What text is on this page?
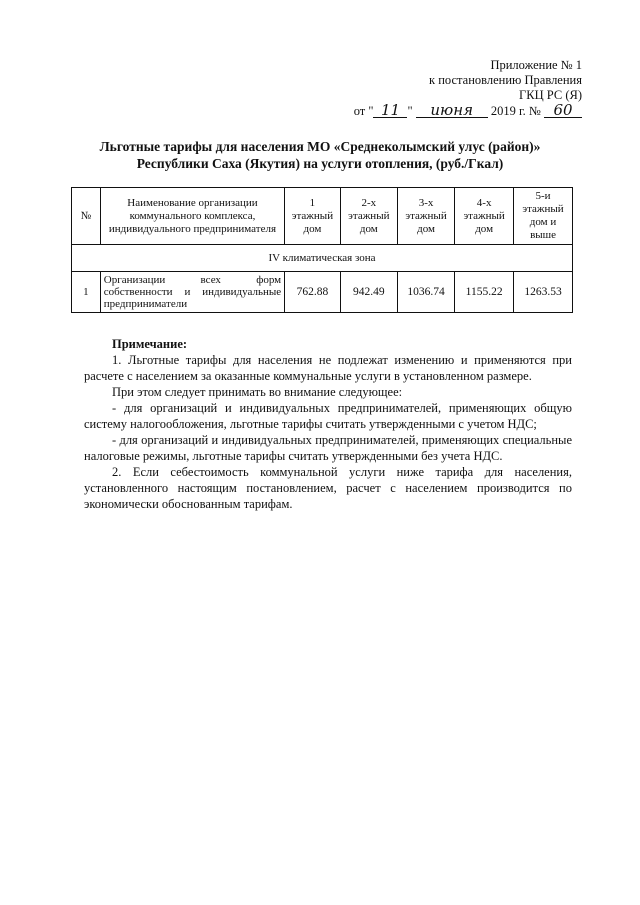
Приложение № 1
к постановлению Правления
ГКЦ РС (Я)
от " 11 " июня 2019 г. № 60
Льготные тарифы для населения МО «Среднеколымский улус (район)»
Республики Саха (Якутия) на услуги отопления, (руб./Гкал)
№	Наименование организации коммунального комплекса, индивидуального предпринимателя	1 этажный дом	2-х этажный дом	3-х этажный дом	4-х этажный дом	5-и этажный дом и выше
IV климатическая зона						
1	Организации всех форм собственности и индивидуальные предприниматели	762.88	942.49	1036.74	1155.22	1263.53
Примечание:

1. Льготные тарифы для населения не подлежат изменению и применяются при расчете с населением за оказанные коммунальные услуги в установленном размере.

При этом следует принимать во внимание следующее:

- для организаций и индивидуальных предпринимателей, применяющих общую систему налогообложения, льготные тарифы считать утвержденными с учетом НДС;

- для организаций и индивидуальных предпринимателей, применяющих специальные налоговые режимы, льготные тарифы считать утвержденными без учета НДС.

2. Если себестоимость коммунальной услуги ниже тарифа для населения, установленного настоящим постановлением, расчет с населением производится по экономически обоснованным тарифам.
